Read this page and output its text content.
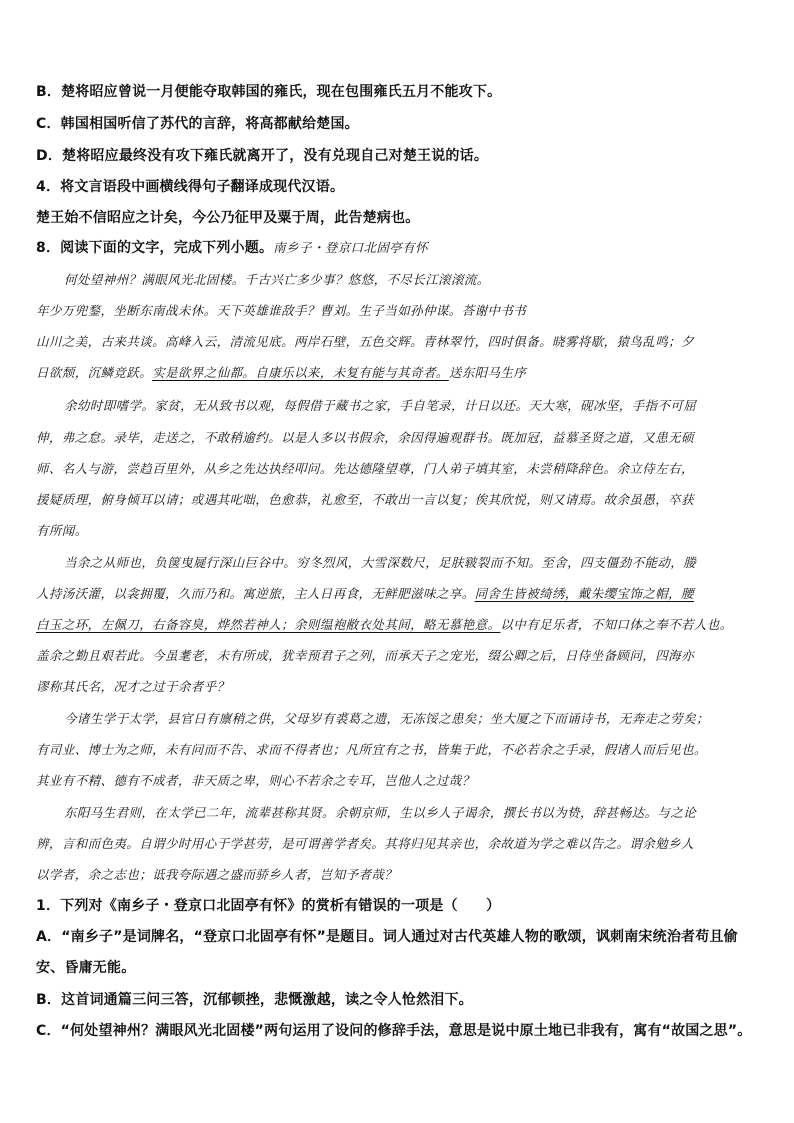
B．楚将昭应曾说一月便能夺取韩国的雍氏，现在包围雍氏五月不能攻下。
C．韩国相国听信了苏代的言辞，将高都献给楚国。
D．楚将昭应最终没有攻下雍氏就离开了，没有兑现自己对楚王说的话。
4．将文言语段中画横线得句子翻译成现代汉语。
楚王始不信昭应之计矣，今公乃征甲及粟于周，此告楚病也。
8．阅读下面的文字，完成下列小题。南乡子・登京口北固亭有怀
何处望神州？满眼风光北固楼。千古兴亡多少事？悠悠，不尽长江滚滚流。
年少万兜鍪，坐断东南战未休。天下英雄谁敌手？曹刘。生子当如孙仲谋。荅谢中书书
山川之美，古来共谈。高峰入云，清流见底。两岸石壁，五色交辉。青林翠竹，四时俱备。晓雾将歇，猿鸟乱鸣；夕
日欲颓，沉鳞竞跃。实是欲界之仙都。自康乐以来，未复有能与其奇者。送东阳马生序
余幼时即嗜学。家贫，无从致书以观，每假借于藏书之家，手自笔录，计日以还。天大寒，砚冰坚，手指不可屈
伸，弗之怠。录毕，走送之，不敢稍逾约。以是人多以书假余，余因得遍观群书。既加冠，益慕圣贤之道，又患无硕
师、名人与游，尝趋百里外，从乡之先达执经叩问。先达德隆望尊，门人弟子填其室，未尝稍降辞色。余立侍左右，
援疑质理，俯身倾耳以请；或遇其叱咄，色愈恭，礼愈至，不敢出一言以复；俟其欣悦，则又请焉。故余虽愚，卒获
有所闻。
当余之从师也，负箧曳屣行深山巨谷中。穷冬烈风，大雪深数尺，足肤皲裂而不知。至舍，四支僵劲不能动，媵
人持汤沃灌，以衾拥覆，久而乃和。寓逆旅，主人日再食，无鲜肥滋味之享。同舍生皆被绮绣，戴朱缨宝饰之帽，腰
白玉之环，左佩刀，右备容臭，烨然若神人；余则缊袍敝衣处其间，略无慕艳意。以中有足乐者，不知口体之奉不若人也。
盖余之勤且艰若此。今虽耄老，未有所成，犹幸预君子之列，而承天子之宠光，缀公卿之后，日侍坐备顾问，四海亦
谬称其氏名，况才之过于余者乎？
今诸生学于太学，县官日有廪稍之供，父母岁有裘葛之遗，无冻馁之患矣；坐大厦之下而诵诗书，无奔走之劳矣；
有司业、博士为之师，未有问而不告、求而不得者也；凡所宜有之书，皆集于此，不必若余之手录，假诸人而后见也。
其业有不精、德有不成者，非天质之卑，则心不若余之专耳，岂他人之过哉？
东阳马生君则，在太学已二年，流辈甚称其贤。余朝京师，生以乡人子谒余，撰长书以为贽，辞甚畅达。与之论
辨，言和而色夷。自谓少时用心于学甚劳，是可谓善学者矣。其将归见其亲也，余故道为学之难以告之。谓余勉乡人
以学者，余之志也；诋我夸际遇之盛而骄乡人者，岂知予者哉？
1．下列对《南乡子・登京口北固亭有怀》的赏析有错误的一项是（　　）
A．“南乡子”是词牌名，“登京口北固亭有怀”是题目。词人通过对古代英雄人物的歌颂，讽刺南宋统治者苟且偷
安、昏庸无能。
B．这首词通篇三问三答，沉郁顿挫，悲慨激越，读之令人怆然泪下。
C．“何处望神州？满眼风光北固楼”两句运用了设问的修辞手法，意思是说中原土地已非我有，寓有“故国之思”。
